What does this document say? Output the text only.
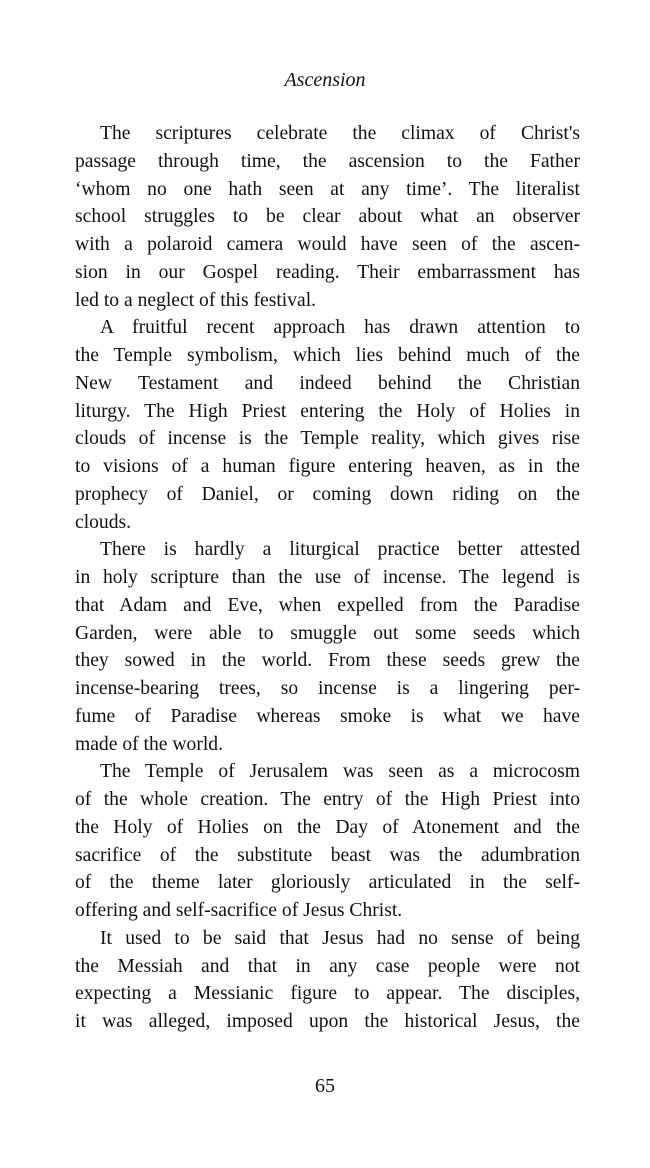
Ascension
The scriptures celebrate the climax of Christ's
passage through time, the ascension to the Father
‘whom no one hath seen at any time’. The literalist
school struggles to be clear about what an observer
with a polaroid camera would have seen of the ascen-
sion in our Gospel reading. Their embarrassment has
led to a neglect of this festival.
A fruitful recent approach has drawn attention to
the Temple symbolism, which lies behind much of the
New Testament and indeed behind the Christian
liturgy. The High Priest entering the Holy of Holies in
clouds of incense is the Temple reality, which gives rise
to visions of a human figure entering heaven, as in the
prophecy of Daniel, or coming down riding on the
clouds.
There is hardly a liturgical practice better attested
in holy scripture than the use of incense. The legend is
that Adam and Eve, when expelled from the Paradise
Garden, were able to smuggle out some seeds which
they sowed in the world. From these seeds grew the
incense-bearing trees, so incense is a lingering per-
fume of Paradise whereas smoke is what we have
made of the world.
The Temple of Jerusalem was seen as a microcosm
of the whole creation. The entry of the High Priest into
the Holy of Holies on the Day of Atonement and the
sacrifice of the substitute beast was the adumbration
of the theme later gloriously articulated in the self-
offering and self-sacrifice of Jesus Christ.
It used to be said that Jesus had no sense of being
the Messiah and that in any case people were not
expecting a Messianic figure to appear. The disciples,
it was alleged, imposed upon the historical Jesus, the
65
